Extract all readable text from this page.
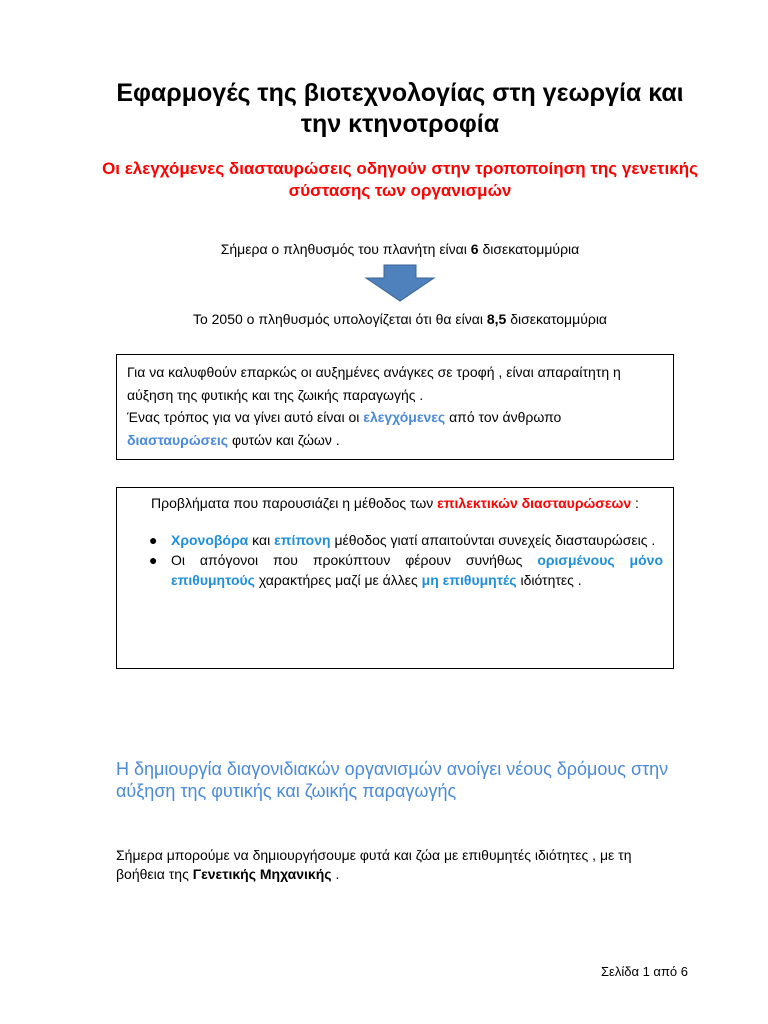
Εφαρμογές της βιοτεχνολογίας στη γεωργία και την κτηνοτροφία
Οι ελεγχόμενες διασταυρώσεις οδηγούν στην τροποποίηση της γενετικής σύστασης των οργανισμών
Σήμερα ο πληθυσμός του πλανήτη είναι 6 δισεκατομμύρια
Το 2050 ο πληθυσμός υπολογίζεται ότι θα είναι 8,5 δισεκατομμύρια
Για να καλυφθούν επαρκώς οι αυξημένες ανάγκες σε τροφή , είναι απαραίτητη η αύξηση της φυτικής και της ζωικής παραγωγής .
Ένας τρόπος για να γίνει αυτό είναι οι ελεγχόμενες από τον άνθρωπο διασταυρώσεις φυτών και ζώων .
Προβλήματα που παρουσιάζει η μέθοδος των επιλεκτικών διασταυρώσεων :
● Χρονοβόρα και επίπονη μέθοδος γιατί απαιτούνται συνεχείς διασταυρώσεις .
● Οι απόγονοι που προκύπτουν φέρουν συνήθως ορισμένους μόνο επιθυμητούς χαρακτήρες μαζί με άλλες μη επιθυμητές ιδιότητες .
Η δημιουργία διαγονιδιακών οργανισμών ανοίγει νέους δρόμους στην αύξηση της φυτικής και ζωικής παραγωγής
Σήμερα μπορούμε να δημιουργήσουμε φυτά και ζώα με επιθυμητές ιδιότητες , με τη βοήθεια της Γενετικής Μηχανικής .
Σελίδα 1 από 6
